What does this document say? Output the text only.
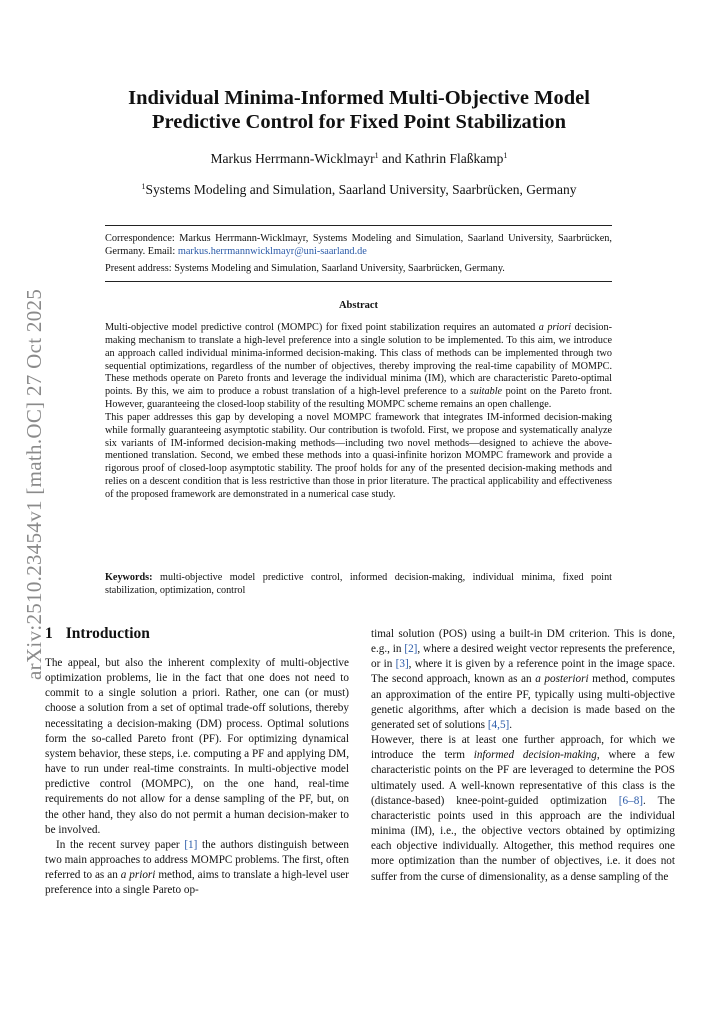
arXiv:2510.23454v1 [math.OC] 27 Oct 2025
Individual Minima-Informed Multi-Objective Model Predictive Control for Fixed Point Stabilization
Markus Herrmann-Wicklmayr$^1$ and Kathrin Flaßkamp$^1$
$^1$Systems Modeling and Simulation, Saarland University, Saarbrücken, Germany
Correspondence: Markus Herrmann-Wicklmayr, Systems Modeling and Simulation, Saarland University, Saarbrücken, Germany. Email: markus.herrmannwicklmayr@uni-saarland.de
Present address: Systems Modeling and Simulation, Saarland University, Saarbrücken, Germany.
Abstract

Multi-objective model predictive control (MOMPC) for fixed point stabilization requires an automated a priori decision-making mechanism to translate a high-level preference into a single solution to be implemented. To this aim, we introduce an approach called individual minima-informed decision-making. This class of methods can be implemented through two sequential optimizations, regardless of the number of objectives, thereby improving the real-time capability of MOMPC. These methods operate on Pareto fronts and leverage the individual minima (IM), which are characteristic Pareto-optimal points. By this, we aim to produce a robust translation of a high-level preference to a suitable point on the Pareto front. However, guaranteeing the closed-loop stability of the resulting MOMPC scheme remains an open challenge.

This paper addresses this gap by developing a novel MOMPC framework that integrates IM-informed decision-making while formally guaranteeing asymptotic stability. Our contribution is twofold. First, we propose and systematically analyze six variants of IM-informed decision-making methods—including two novel methods—designed to achieve the above-mentioned translation. Second, we embed these methods into a quasi-infinite horizon MOMPC framework and provide a rigorous proof of closed-loop asymptotic stability. The proof holds for any of the presented decision-making methods and relies on a descent condition that is less restrictive than those in prior literature. The practical applicability and effectiveness of the proposed framework are demonstrated in a numerical case study.

Keywords: multi-objective model predictive control, informed decision-making, individual minima, fixed point stabilization, optimization, control
1 Introduction

The appeal, but also the inherent complexity of multi-objective optimization problems, lie in the fact that one does not need to commit to a single solution a priori. Rather, one can (or must) choose a solution from a set of optimal trade-off solutions, thereby necessitating a decision-making (DM) process. Optimal solutions form the so-called Pareto front (PF). For optimizing dynamical system behavior, these steps, i.e. computing a PF and applying DM, have to run under real-time constraints. In multi-objective model predictive control (MOMPC), on the one hand, real-time requirements do not allow for a dense sampling of the PF, but, on the other hand, they also do not permit a human decision-maker to be involved.

In the recent survey paper [1] the authors distinguish between two main approaches to address MOMPC problems. The first, often referred to as an a priori method, aims to translate a high-level user preference into a single Pareto op-

timal solution (POS) using a built-in DM criterion. This is done, e.g., in [2], where a desired weight vector represents the preference, or in [3], where it is given by a reference point in the image space. The second approach, known as an a posteriori method, computes an approximation of the entire PF, typically using multi-objective genetic algorithms, after which a decision is made based on the generated set of solutions [4,5].

However, there is at least one further approach, for which we introduce the term informed decision-making, where a few characteristic points on the PF are leveraged to determine the POS ultimately used. A well-known representative of this class is the (distance-based) knee-point-guided optimization [6–8]. The characteristic points used in this approach are the individual minima (IM), i.e., the objective vectors obtained by optimizing each objective individually. Altogether, this method requires one more optimization than the number of objectives, i.e. it does not suffer from the curse of dimensionality, as a dense sampling of the
